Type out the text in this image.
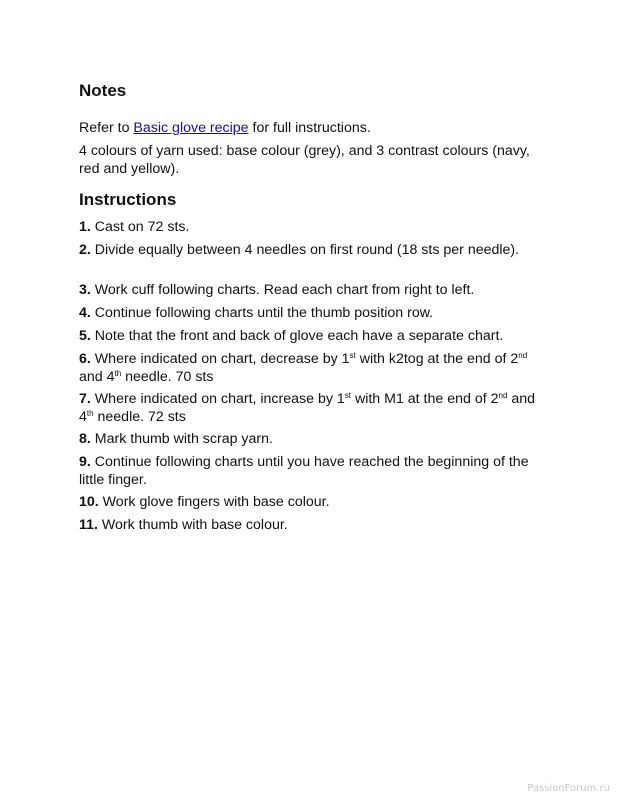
Notes

Refer to Basic glove recipe for full instructions.

4 colours of yarn used: base colour (grey), and 3 contrast colours (navy, red and yellow).

Instructions

1. Cast on 72 sts.

2. Divide equally between 4 needles on first round (18 sts per needle).

3. Work cuff following charts. Read each chart from right to left.

4. Continue following charts until the thumb position row.

5. Note that the front and back of glove each have a separate chart.

6. Where indicated on chart, decrease by 1st with k2tog at the end of 2nd and 4th needle. 70 sts

7. Where indicated on chart, increase by 1st with M1 at the end of 2nd and 4th needle. 72 sts

8. Mark thumb with scrap yarn.

9. Continue following charts until you have reached the beginning of the little finger.

10. Work glove fingers with base colour.

11. Work thumb with base colour.

PassionForum.ru
